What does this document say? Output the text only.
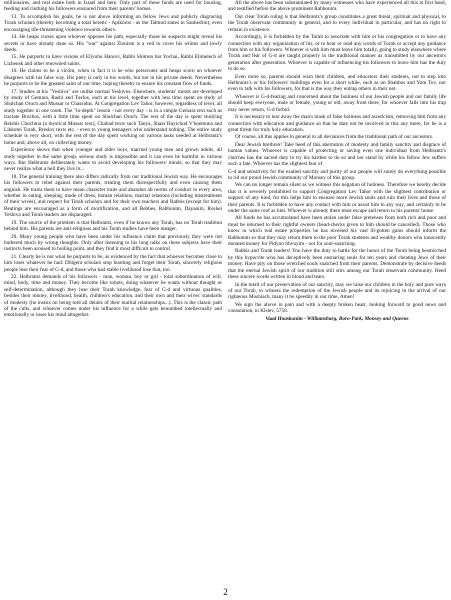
millionaires, and real estate both in Israel and here. Only part of these funds are used for housing, feeding and clothing his followers ensnared from their parents' homes.

13. To accomplish his goals, he is not above informing on fellow Jews and publicly disgracing Torah scholars (thereby becoming a total heretic - Apikoros - as the Talmud states in Sanhedrin), even encouraging life-threatening violence towards others.

14. He heaps curses upon whoever opposes his path, especially those he suspects might reveal his secrets or have already done so. His "war" against Zionism is a veil to cover his whims and lowly deeds.

15. He purports to have visions of Eliyohu Hanovi, Rabbi Shimon bar Yochai, Rabbi Elimelech of Lizhensk and other renowned saints.

16. He claims to be a victim, when in fact it is he who persecutes and heaps scorn on whoever disagrees with his false way. His piety is only in his words, but not in his private deeds. Nevertheless he purports to be the greatest saint of our time, hoping thereby to ensure his constant flow of funds.

17. Studies at his "Yeshiva" are unlike normal Yeshivos. Elsewhere, students' minds are developed by study of Gemara, Rashi and Tosfos, each at his level, together with less time spent on study of Shulchan Oruch and Mussar or Chassidus. At Congregation Lev Tahor, however, regardless of level, all study together in one room. The "in-depth" lesson - not every day - is in a simple Gemara text such as tractate Brochos, with a little time spent on Shulchan Oruch. The rest of the day is spent studying Reishis Chochma (a mystical Mussar text), Chabad texts such Tanya, Shaar Hayichud V'hoemuna and Likkutei Torah, Breslov texts etc. - even to young teenagers who understand nothing. The entire study schedule is very short, with the rest of the day spent working on various tasks needed at Helbrantz's home and, above all, on collecting money.

Experience shows that when younger and older boys, married young men and grown adults, all study together in the same group, serious study is impossible and it can even be harmful in various ways. But Helbrantz deliberately wants to avoid developing his followers' minds, so that they may never realize what a hell they live in...

18. The general training there also differs radically from our traditional Jewish way. He encourages his followers to rebel against their parents, treating them disrespectfully and even causing them anguish. He trains them to have mean character traits and abandon all norms of conduct in every area, whether in eating, sleeping, mode of dress, human relations, marital relations (including mistreatment of their wives), and respect for Torah scholars and for their own teachers and Rabbis (except for him). Beatings are encouraged as a form of mortification, and all Rebbes, Rabbonim, Dayanim, Roshei Yeshiva and Torah leaders are disparaged.

19. The source of the problem is that Helbrantz, even if he knows any Torah, has no Torah tradition behind him. His parents are anti-religious and his Torah studies have been meager.

20. Many young people who have been under his influence claim that previously they were not bothered much by wrong thoughts. Only after listening to his long talks on these subjects have their instincts been aroused to boiling point, and they find it most difficult to control.

21. Clearly he is not what he purports to be, as evidenced by the fact that whoever becomes close to him loses whatever he had: Diligent scholars stop learning and forget their Torah, sincerely religious people lose their fear of G-d, and those who had stable livelihood lose that, too.

22. Helbrantz demands of his followers - man, woman, boy or girl - total subordination of will, mind, body, time and money. They become like robots, doing whatever he wants without thought or self-determination, although they lose their Torah knowledge, fear of G-d and virtuous qualities, besides their money, livelihood, health, children's education, and their own and their wives' standards of modesty (he insists on being told all details of their marital relationships...). This is the classic path of the cults, and whoever comes under his influence for a while gets benumbed intellectually and emotionally or loses his mind altogether.

All the above has been substantiated by many witnesses who have experienced all this at first hand, and testified before the above prominent Rabbonim.

Our clear Torah ruling is that Helbrantz's group constitutes a great threat, spiritual and physical, to the Torah observant community in general, and to every individual in particular, and has no right to remain in existence.

Accordingly, it is forbidden by the Torah to associate with him or his congregation or to have any connection with any organization of his, or to hear or read any words of Torah or accept any guidance from him or his followers. Whoever is with him must leave him totally, going to study elsewhere where Torah and fear of G-d are taught properly in the traditional manner as transmitted by our ancestors generation after generation. Whoever is capable of influencing his followers to leave him has the duty to do so.

Even more so, parents should warn their children, and educators their students, not to step into Helbrantz's or his followers' buildings even for a short while, such as on Shabbos and Yom Tov, nor even to talk with his followers, for that is the way they entrap others in their net.

Whoever is G-d-fearing and concerned about the holiness of our Jewish people and our family life should keep everyone, male or female, young or old, away from there, for whoever falls into his trap may never return, G-d forbid.

It is necessary to tear away the man's mask of false holiness and asceticism, removing him from any connection with education and guidance so that he dare not be involved in this any more, for he is a great threat for truly holy education.

Of course, all this applies in general to all deviances from the traditional path of our ancestors.

Dear Jewish brethren! Take heed of this aberration of modesty and family sanctity and disgrace of human values. Whoever is capable of protecting or saving even one individual from Helbrantz's clutches has the sacred duty to try his hardest to do so and not stand by while his fellow Jew suffers such a fate. Whoever has the slightest fear of

G-d and sensitivity for the exalted sanctity and purity of our people will surely do everything possible to rid our proud Jewish community of Monsey of this group.

We can no longer remain silent as we witness this negation of holiness. Therefore we hereby decide that it is severely prohibited to support Congregation Lev Tahor with the slightest contribution or support of any kind, for this helps him to ensnare more Jewish souls and ruin their lives and those of their parents. It is forbidden to have any contact with him or assist him in any way, and certainly to be under the same roof as him. Whoever is already there must escape and return to his parents' home.

All funds he has accumulated have been stolen under false pretenses from both rich and poor and must be returned to their rightful owners (head-checks given to him should be cancelled). Those who know in which real estate properties he has invested his vast ill-gotten gains should inform the Rabbonim so that they may return them to the poor Torah students and wealthy donors who innocently donated money for Pidyon Shvuyim - not for soul-snatching.

Rabbis and Torah leaders! You have the duty to battle for the honor of the Torah being besmirched by this hypocrite who has deceptively been ensnaring souls for ten years and cheating Jews of their money. Have pity on those wretched souls snatched from their parents. Demonstrate by decisive deeds that the eternal Jewish spirit of our tradition still stirs among our Torah observant community. Heed these sincere words written in blood and tears.

In the merit of our preservation of our sanctity, may we raise our children in the holy and pure ways of our Torah, to witness the redemption of the Jewish people and its rejoicing in the arrival of our righteous Moshiach, many it be speedily in our time, Amen!

We sign the above in pain and with a deeply broken heart, looking forward to good news and consolation, in Kislev, 5758.

Vaad Hoaskonim - Williamsburg, Boro-Park, Monsey and Queens

2
